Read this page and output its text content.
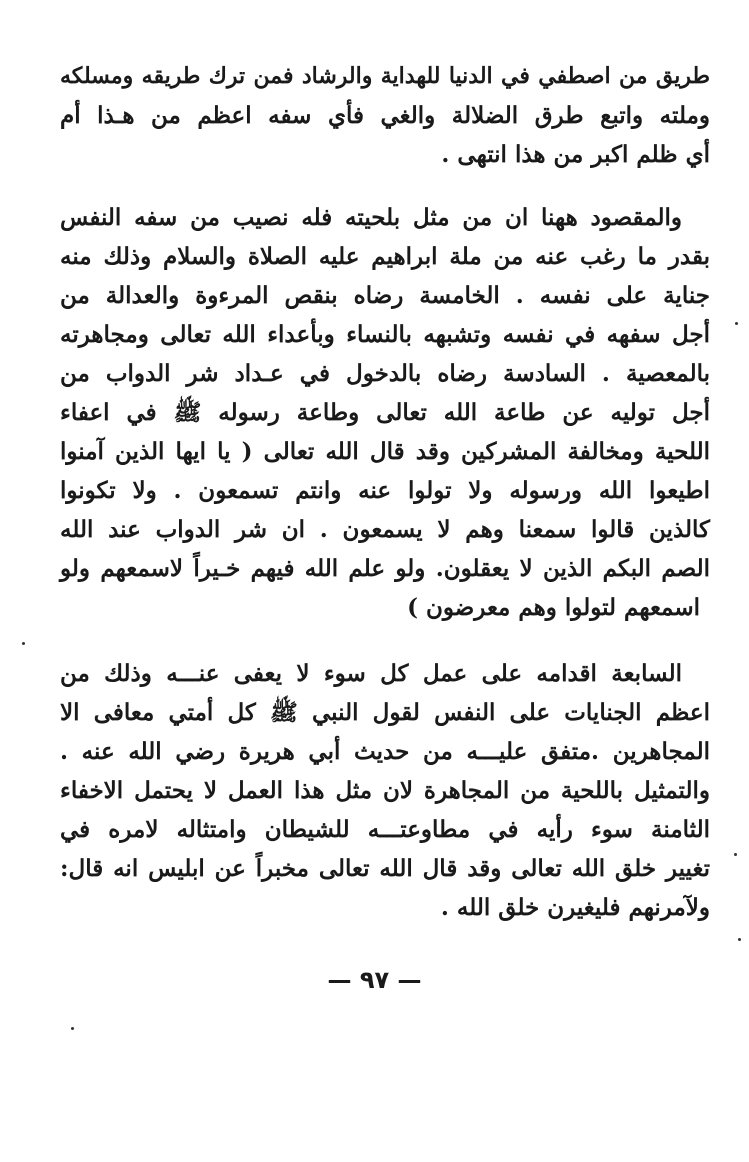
طريق من اصطفي في الدنيا للهداية والرشاد فمن ترك طريقه ومسلكه
وملته واتبع طرق الضلالة والغي فأي سفه اعظم من هـذا أم
أي ظلم اكبر من هذا انتهى .
والمقصود ههنا ان من مثل بلحيته فله نصيب من سفه النفس
بقدر ما رغب عنه من ملة ابراهيم عليه الصلاة والسلام وذلك منه
جناية على نفسه . الخامسة رضاه بنقص المرءوة والعدالة من
أجل سفهه في نفسه وتشبهه بالنساء وبأعداء الله تعالى ومجاهرته
بالمعصية . السادسة رضاه بالدخول في عـداد شر الدواب من
أجل توليه عن طاعة الله تعالى وطاعة رسوله ﷺ في اعفاء
اللحية ومخالفة المشركين وقد قال الله تعالى ( يا ايها الذين آمنوا
اطيعوا الله ورسوله ولا تولوا عنه وانتم تسمعون . ولا تكونوا
كالذين قالوا سمعنا وهم لا يسمعون . ان شر الدواب عند الله
الصم البكم الذين لا يعقلون. ولو علم الله فيهم خـيراً لاسمعهم ولو
اسمعهم لتولوا وهم معرضون )
السابعة اقدامه على عمل كل سوء لا يعفى عنـــه وذلك من
اعظم الجنايات على النفس لقول النبي ﷺ كل أمتي معافى الا
المجاهرين .متفق عليـــه من حديث أبي هريرة رضي الله عنه .
والتمثيل باللحية من المجاهرة لان مثل هذا العمل لا يحتمل الاخفاء
الثامنة سوء رأيه في مطاوعتـــه للشيطان وامتثاله لامره في
تغيير خلق الله تعالى وقد قال الله تعالى مخبراً عن ابليس انه قال:
ولآمرنهم فليغيرن خلق الله .
— ٩٧ —
